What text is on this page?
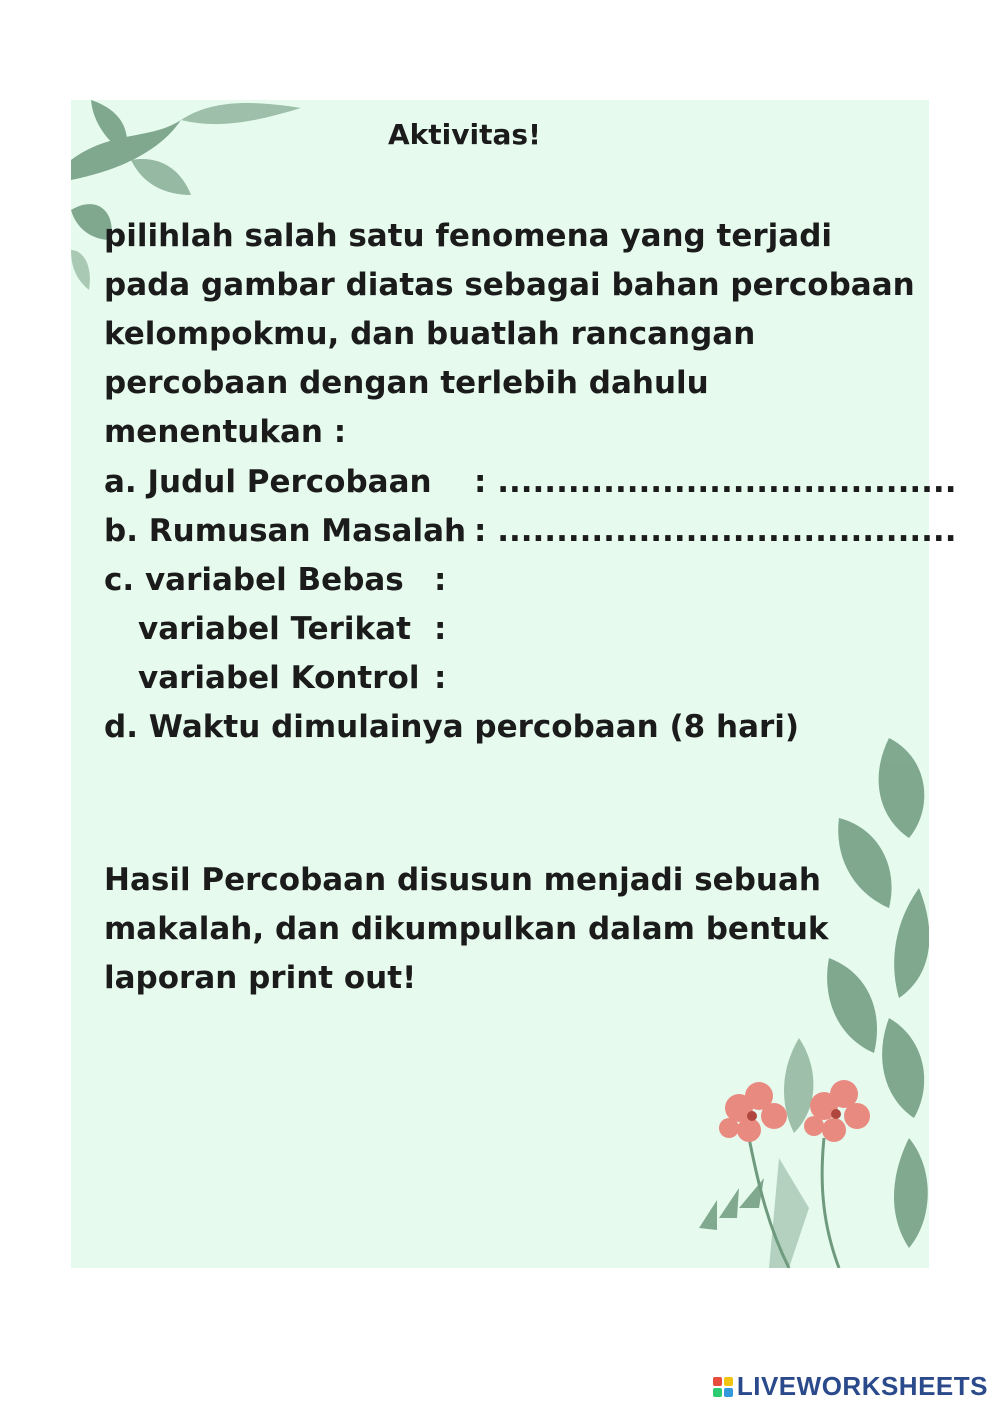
Aktivitas!
pilihlah salah satu fenomena yang terjadi
pada gambar diatas sebagai bahan percobaan
kelompokmu, dan buatlah rancangan
percobaan dengan terlebih dahulu
menentukan :
a. Judul Percobaan	: .......................................
b. Rumusan Masalah : .......................................
c. variabel Bebas :
variabel Terikat :
variabel Kontrol :
d. Waktu dimulainya percobaan (8 hari)
Hasil Percobaan disusun menjadi sebuah
makalah, dan dikumpulkan dalam bentuk
laporan print out!
LIVEWORKSHEETS
